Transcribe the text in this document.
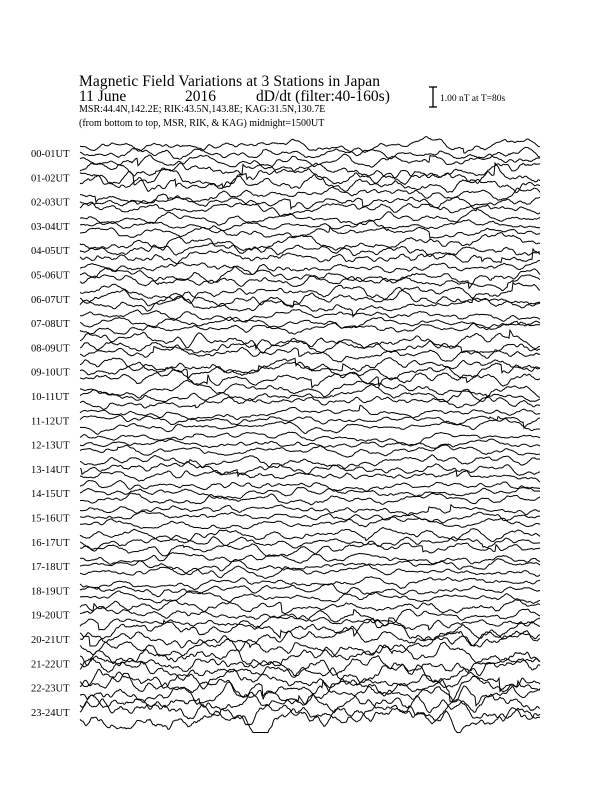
Magnetic Field Variations at 3 Stations in Japan
11 June	2016	dD/dt (filter:40-160s)
MSR:44.4N,142.2E; RIK:43.5N,143.8E; KAG:31.5N,130.7E
(from bottom to top, MSR, RIK, & KAG) midnight=1500UT
1.00 nT at T=80s
00-01UT
01-02UT
02-03UT
03-04UT
04-05UT
05-06UT
06-07UT
07-08UT
08-09UT
09-10UT
10-11UT
11-12UT
12-13UT
13-14UT
14-15UT
15-16UT
16-17UT
17-18UT
18-19UT
19-20UT
20-21UT
21-22UT
22-23UT
23-24UT
